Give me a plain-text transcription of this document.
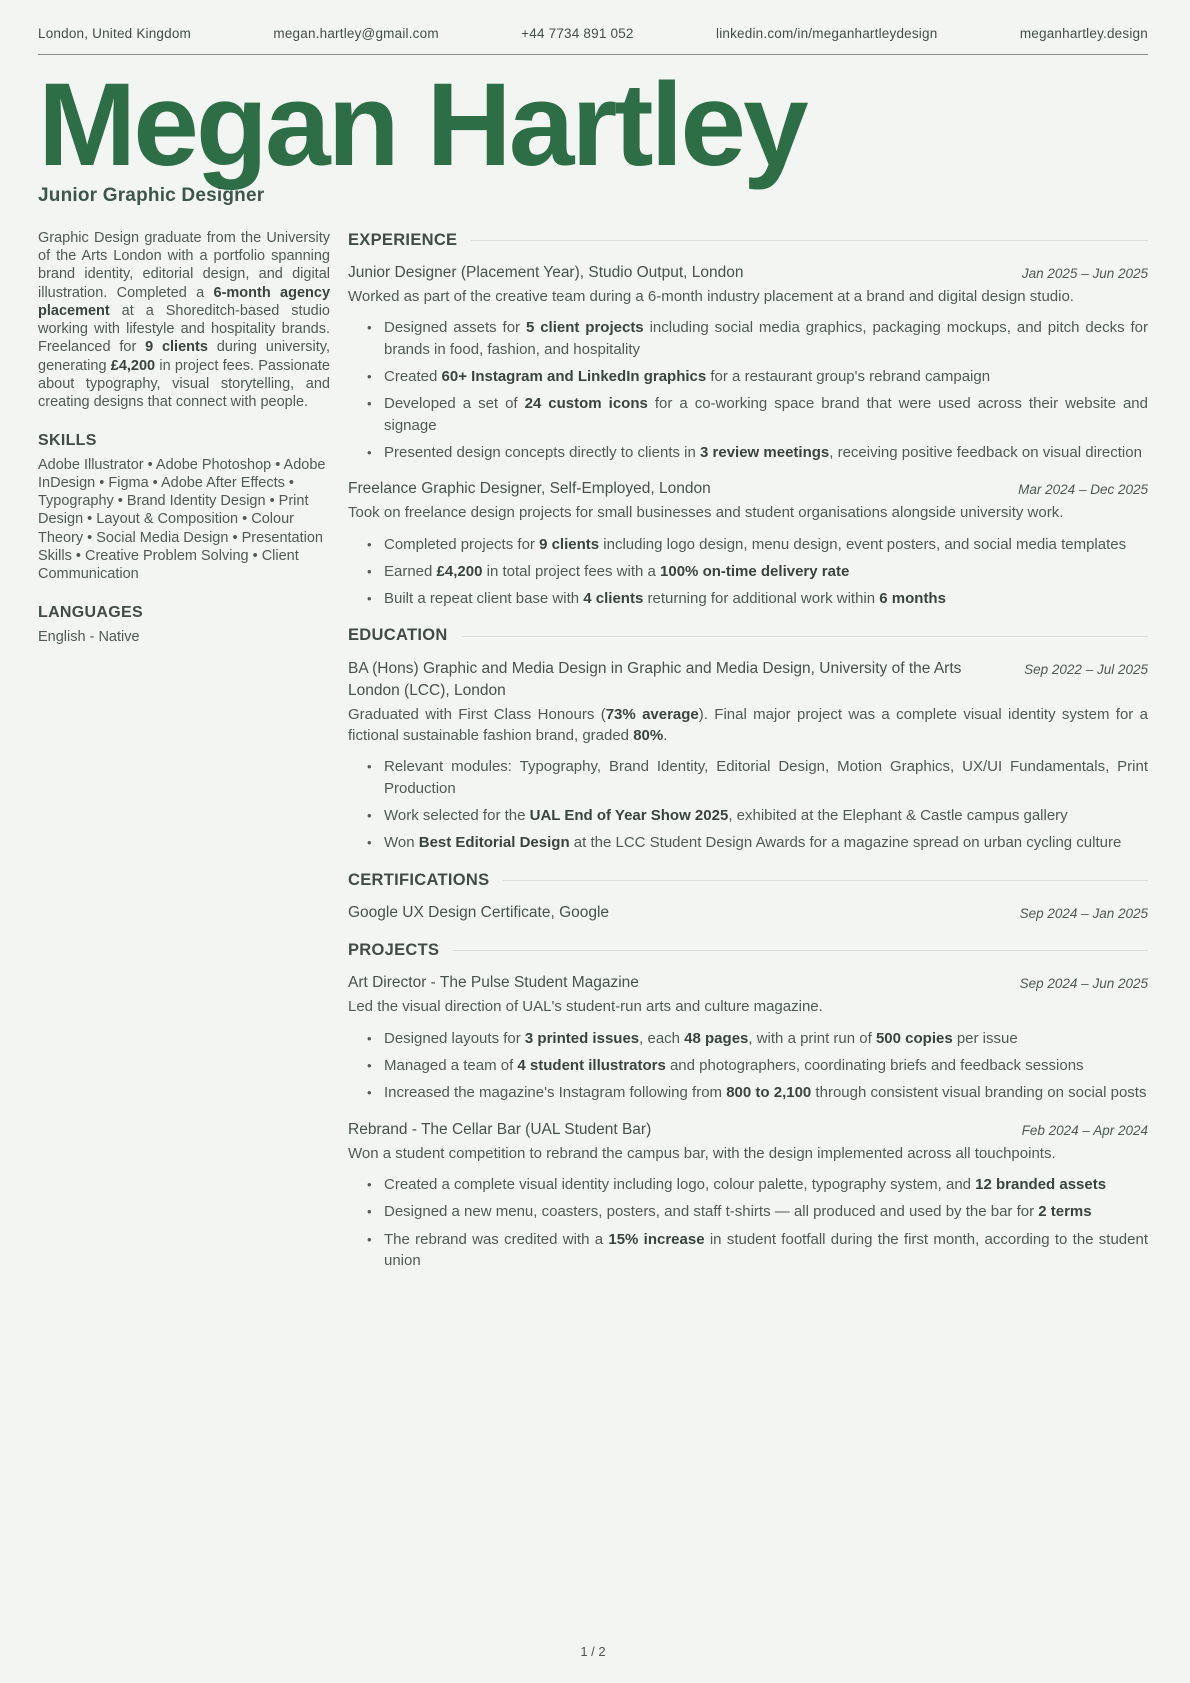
London, United Kingdom	megan.hartley@gmail.com	+44 7734 891 052	linkedin.com/in/meganhartleydesign	meganhartley.design
Megan Hartley
Junior Graphic Designer
Graphic Design graduate from the University of the Arts London with a portfolio spanning brand identity, editorial design, and digital illustration. Completed a 6-month agency placement at a Shoreditch-based studio working with lifestyle and hospitality brands. Freelanced for 9 clients during university, generating £4,200 in project fees. Passionate about typography, visual storytelling, and creating designs that connect with people.
SKILLS
Adobe Illustrator • Adobe Photoshop • Adobe InDesign • Figma • Adobe After Effects • Typography • Brand Identity Design • Print Design • Layout & Composition • Colour Theory • Social Media Design • Presentation Skills • Creative Problem Solving • Client Communication
LANGUAGES
English - Native
EXPERIENCE
Junior Designer (Placement Year), Studio Output, London	Jan 2025 – Jun 2025
Worked as part of the creative team during a 6-month industry placement at a brand and digital design studio.
• Designed assets for 5 client projects including social media graphics, packaging mockups, and pitch decks for brands in food, fashion, and hospitality
• Created 60+ Instagram and LinkedIn graphics for a restaurant group's rebrand campaign
• Developed a set of 24 custom icons for a co-working space brand that were used across their website and signage
• Presented design concepts directly to clients in 3 review meetings, receiving positive feedback on visual direction
Freelance Graphic Designer, Self-Employed, London	Mar 2024 – Dec 2025
Took on freelance design projects for small businesses and student organisations alongside university work.
• Completed projects for 9 clients including logo design, menu design, event posters, and social media templates
• Earned £4,200 in total project fees with a 100% on-time delivery rate
• Built a repeat client base with 4 clients returning for additional work within 6 months
EDUCATION
BA (Hons) Graphic and Media Design in Graphic and Media Design, University of the Arts London (LCC), London
Sep 2022 – Jul 2025
Graduated with First Class Honours (73% average). Final major project was a complete visual identity system for a fictional sustainable fashion brand, graded 80%.
• Relevant modules: Typography, Brand Identity, Editorial Design, Motion Graphics, UX/UI Fundamentals, Print Production
• Work selected for the UAL End of Year Show 2025, exhibited at the Elephant & Castle campus gallery
• Won Best Editorial Design at the LCC Student Design Awards for a magazine spread on urban cycling culture
CERTIFICATIONS
Google UX Design Certificate, Google	Sep 2024 – Jan 2025
PROJECTS
Art Director - The Pulse Student Magazine	Sep 2024 – Jun 2025
Led the visual direction of UAL's student-run arts and culture magazine.
• Designed layouts for 3 printed issues, each 48 pages, with a print run of 500 copies per issue
• Managed a team of 4 student illustrators and photographers, coordinating briefs and feedback sessions
• Increased the magazine's Instagram following from 800 to 2,100 through consistent visual branding on social posts
Rebrand - The Cellar Bar (UAL Student Bar)	Feb 2024 – Apr 2024
Won a student competition to rebrand the campus bar, with the design implemented across all touchpoints.
• Created a complete visual identity including logo, colour palette, typography system, and 12 branded assets
• Designed a new menu, coasters, posters, and staff t-shirts — all produced and used by the bar for 2 terms
• The rebrand was credited with a 15% increase in student footfall during the first month, according to the student union
1 / 2
